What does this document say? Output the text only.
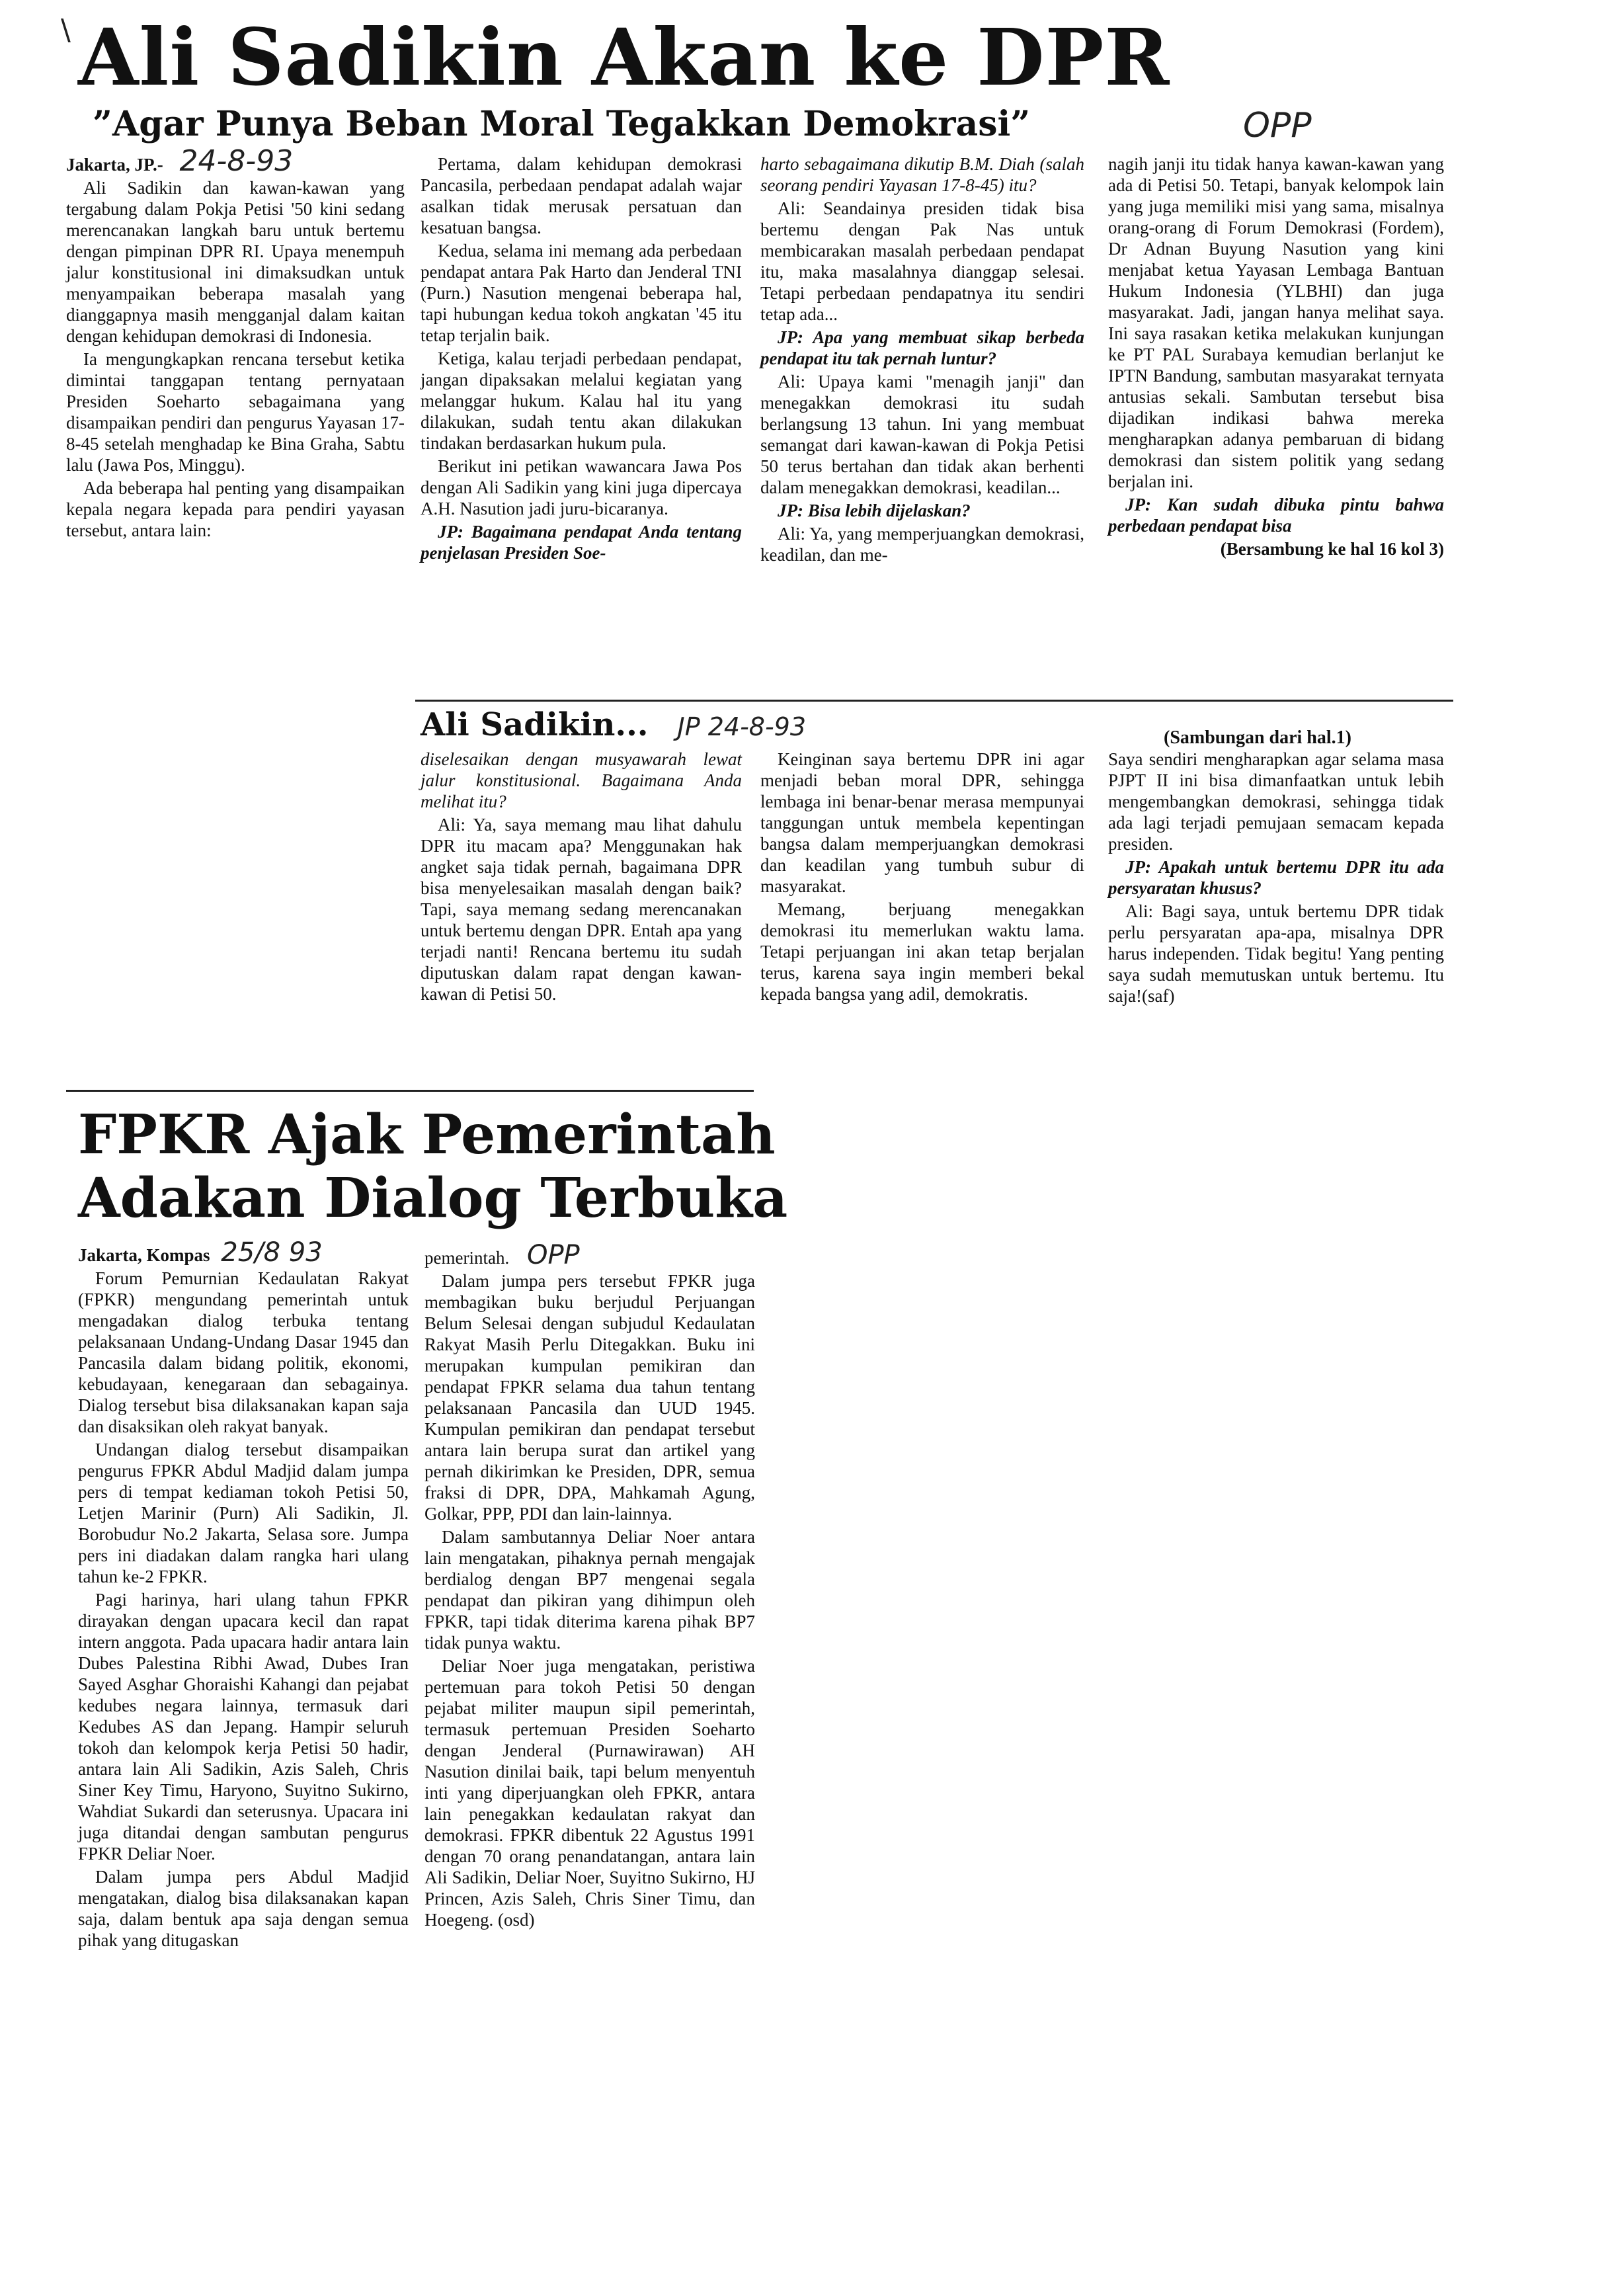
\ Ali Sadikin Akan ke DPR
”Agar Punya Beban Moral Tegakkan Demokrasi”	OPP

Jakarta, JP.- 24-8-93

Ali Sadikin dan kawan-kawan yang tergabung dalam Pokja Petisi '50 kini sedang merencanakan langkah baru untuk bertemu dengan pimpinan DPR RI. Upaya menempuh jalur konstitusional ini dimaksudkan untuk menyampaikan beberapa masalah yang dianggapnya masih mengganjal dalam kaitan dengan kehidupan demokrasi di Indonesia.

Ia mengungkapkan rencana tersebut ketika dimintai tanggapan tentang pernyataan Presiden Soeharto sebagaimana yang disampaikan pendiri dan pengurus Yayasan 17-8-45 setelah menghadap ke Bina Graha, Sabtu lalu (Jawa Pos, Minggu).

Ada beberapa hal penting yang disampaikan kepala negara kepada para pendiri yayasan tersebut, antara lain:

Pertama, dalam kehidupan demokrasi Pancasila, perbedaan pendapat adalah wajar asalkan tidak merusak persatuan dan kesatuan bangsa.

Kedua, selama ini memang ada perbedaan pendapat antara Pak Harto dan Jenderal TNI (Purn.) Nasution mengenai beberapa hal, tapi hubungan kedua tokoh angkatan '45 itu tetap terjalin baik.

Ketiga, kalau terjadi perbedaan pendapat, jangan dipaksakan melalui kegiatan yang melanggar hukum. Kalau hal itu yang dilakukan, sudah tentu akan dilakukan tindakan berdasarkan hukum pula.

Berikut ini petikan wawancara Jawa Pos dengan Ali Sadikin yang kini juga dipercaya A.H. Nasution jadi juru-bicaranya.

JP: Bagaimana pendapat Anda tentang penjelasan Presiden Soe-

harto sebagaimana dikutip B.M. Diah (salah seorang pendiri Yayasan 17-8-45) itu?

Ali: Seandainya presiden tidak bisa bertemu dengan Pak Nas untuk membicarakan masalah perbedaan pendapat itu, maka masalahnya dianggap selesai. Tetapi perbedaan pendapatnya itu sendiri tetap ada...

JP: Apa yang membuat sikap berbeda pendapat itu tak pernah luntur?

Ali: Upaya kami "menagih janji" dan menegakkan demokrasi itu sudah berlangsung 13 tahun. Ini yang membuat semangat dari kawan-kawan di Pokja Petisi 50 terus bertahan dan tidak akan berhenti dalam menegakkan demokrasi, keadilan...

JP: Bisa lebih dijelaskan?

Ali: Ya, yang memperjuangkan demokrasi, keadilan, dan me-

nagih janji itu tidak hanya kawan-kawan yang ada di Petisi 50. Tetapi, banyak kelompok lain yang juga memiliki misi yang sama, misalnya orang-orang di Forum Demokrasi (Fordem), Dr Adnan Buyung Nasution yang kini menjabat ketua Yayasan Lembaga Bantuan Hukum Indonesia (YLBHI) dan juga masyarakat. Jadi, jangan hanya melihat saya. Ini saya rasakan ketika melakukan kunjungan ke PT PAL Surabaya kemudian berlanjut ke IPTN Bandung, sambutan masyarakat ternyata antusias sekali. Sambutan tersebut bisa dijadikan indikasi bahwa mereka mengharapkan adanya pembaruan di bidang demokrasi dan sistem politik yang sedang berjalan ini.

JP: Kan sudah dibuka pintu bahwa perbedaan pendapat bisa

(Bersambung ke hal 16 kol 3)

Ali Sadikin... JP 24-8-93	(Sambungan dari hal.1)

diselesaikan dengan musyawarah lewat jalur konstitusional. Bagaimana Anda melihat itu?

Ali: Ya, saya memang mau lihat dahulu DPR itu macam apa? Menggunakan hak angket saja tidak pernah, bagaimana DPR bisa menyelesaikan masalah dengan baik? Tapi, saya memang sedang merencanakan untuk bertemu dengan DPR. Entah apa yang terjadi nanti! Rencana bertemu itu sudah diputuskan dalam rapat dengan kawan-kawan di Petisi 50.

Keinginan saya bertemu DPR ini agar menjadi beban moral DPR, sehingga lembaga ini benar-benar merasa mempunyai tanggungan untuk membela kepentingan bangsa dalam memperjuangkan demokrasi dan keadilan yang tumbuh subur di masyarakat.

Memang, berjuang menegakkan demokrasi itu memerlukan waktu lama. Tetapi perjuangan ini akan tetap berjalan terus, karena saya ingin memberi bekal kepada bangsa yang adil, demokratis.

Saya sendiri mengharapkan agar selama masa PJPT II ini bisa dimanfaatkan untuk lebih mengembangkan demokrasi, sehingga tidak ada lagi terjadi pemujaan semacam kepada presiden.

JP: Apakah untuk bertemu DPR itu ada persyaratan khusus?

Ali: Bagi saya, untuk bertemu DPR tidak perlu persyaratan apa-apa, misalnya DPR harus independen. Tidak begitu! Yang penting saya sudah memutuskan untuk bertemu. Itu saja!(saf)

FPKR Ajak Pemerintah
Adakan Dialog Terbuka

Jakarta, Kompas 25/8 93

Forum Pemurnian Kedaulatan Rakyat (FPKR) mengundang pemerintah untuk mengadakan dialog terbuka tentang pelaksanaan Undang-Undang Dasar 1945 dan Pancasila dalam bidang politik, ekonomi, kebudayaan, kenegaraan dan sebagainya. Dialog tersebut bisa dilaksanakan kapan saja dan disaksikan oleh rakyat banyak.

Undangan dialog tersebut disampaikan pengurus FPKR Abdul Madjid dalam jumpa pers di tempat kediaman tokoh Petisi 50, Letjen Marinir (Purn) Ali Sadikin, Jl. Borobudur No.2 Jakarta, Selasa sore. Jumpa pers ini diadakan dalam rangka hari ulang tahun ke-2 FPKR.

Pagi harinya, hari ulang tahun FPKR dirayakan dengan upacara kecil dan rapat intern anggota. Pada upacara hadir antara lain Dubes Palestina Ribhi Awad, Dubes Iran Sayed Asghar Ghoraishi Kahangi dan pejabat kedubes negara lainnya, termasuk dari Kedubes AS dan Jepang. Hampir seluruh tokoh dan kelompok kerja Petisi 50 hadir, antara lain Ali Sadikin, Azis Saleh, Chris Siner Key Timu, Haryono, Suyitno Sukirno, Wahdiat Sukardi dan seterusnya. Upacara ini juga ditandai dengan sambutan pengurus FPKR Deliar Noer.

Dalam jumpa pers Abdul Madjid mengatakan, dialog bisa dilaksanakan kapan saja, dalam bentuk apa saja dengan semua pihak yang ditugaskan

pemerintah. OPP

Dalam jumpa pers tersebut FPKR juga membagikan buku berjudul Perjuangan Belum Selesai dengan subjudul Kedaulatan Rakyat Masih Perlu Ditegakkan. Buku ini merupakan kumpulan pemikiran dan pendapat FPKR selama dua tahun tentang pelaksanaan Pancasila dan UUD 1945. Kumpulan pemikiran dan pendapat tersebut antara lain berupa surat dan artikel yang pernah dikirimkan ke Presiden, DPR, semua fraksi di DPR, DPA, Mahkamah Agung, Golkar, PPP, PDI dan lain-lainnya.

Dalam sambutannya Deliar Noer antara lain mengatakan, pihaknya pernah mengajak berdialog dengan BP7 mengenai segala pendapat dan pikiran yang dihimpun oleh FPKR, tapi tidak diterima karena pihak BP7 tidak punya waktu.

Deliar Noer juga mengatakan, peristiwa pertemuan para tokoh Petisi 50 dengan pejabat militer maupun sipil pemerintah, termasuk pertemuan Presiden Soeharto dengan Jenderal (Purnawirawan) AH Nasution dinilai baik, tapi belum menyentuh inti yang diperjuangkan oleh FPKR, antara lain penegakkan kedaulatan rakyat dan demokrasi. FPKR dibentuk 22 Agustus 1991 dengan 70 orang penandatangan, antara lain Ali Sadikin, Deliar Noer, Suyitno Sukirno, HJ Princen, Azis Saleh, Chris Siner Timu, dan Hoegeng. (osd)
